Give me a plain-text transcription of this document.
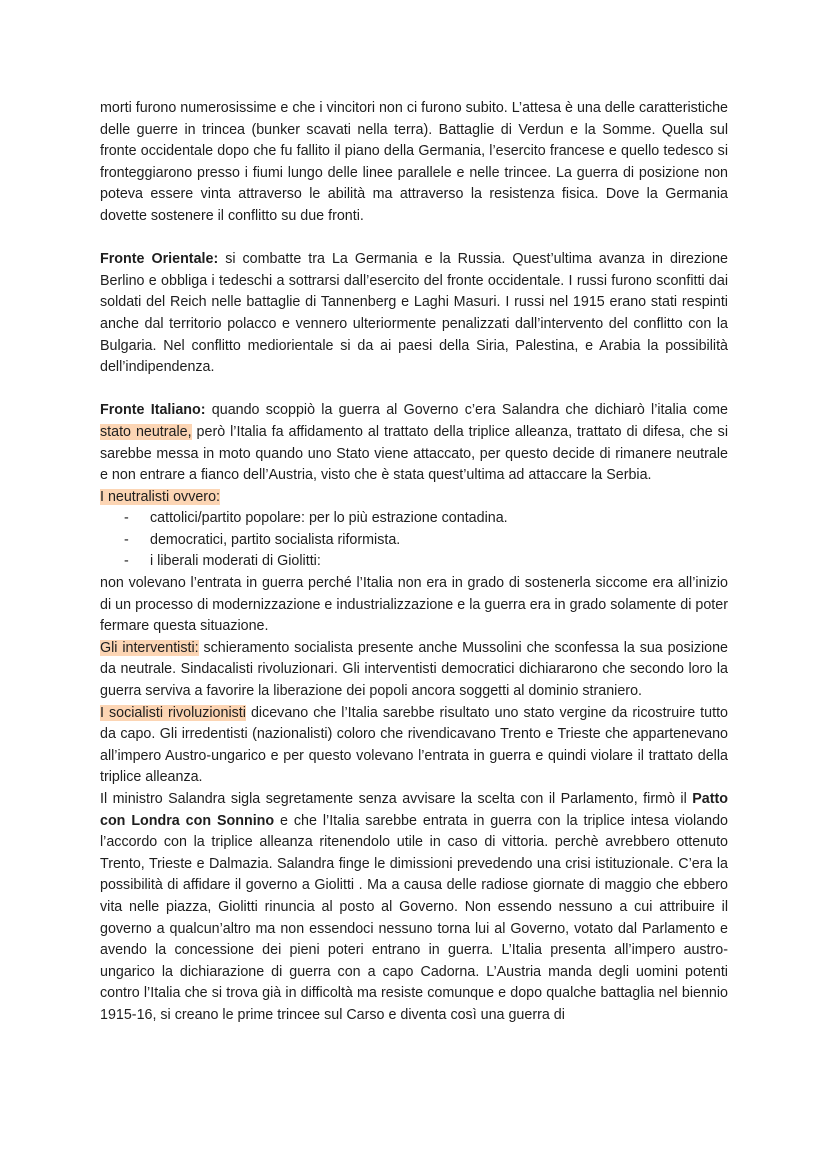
morti furono numerosissime e che i vincitori non ci furono subito. L’attesa è una delle caratteristiche delle guerre in trincea (bunker scavati nella terra). Battaglie di Verdun e la Somme. Quella sul fronte occidentale dopo che fu fallito il piano della Germania, l’esercito francese e quello tedesco si fronteggiarono presso i fiumi lungo delle linee parallele e nelle trincee. La guerra di posizione non poteva essere vinta attraverso le abilità ma attraverso la resistenza fisica. Dove la Germania dovette sostenere il conflitto su due fronti.

Fronte Orientale: si combatte tra La Germania e la Russia. Quest’ultima avanza in direzione Berlino e obbliga i tedeschi a sottrarsi dall’esercito del fronte occidentale. I russi furono sconfitti dai soldati del Reich nelle battaglie di Tannenberg e Laghi Masuri. I russi nel 1915 erano stati respinti anche dal territorio polacco e vennero ulteriormente penalizzati dall’intervento del conflitto con la Bulgaria. Nel conflitto mediorientale si da ai paesi della Siria, Palestina, e Arabia la possibilità dell’indipendenza.

Fronte Italiano: quando scoppiò la guerra al Governo c’era Salandra che dichiarò l’italia come stato neutrale, però l’Italia fa affidamento al trattato della triplice alleanza, trattato di difesa, che si sarebbe messa in moto quando uno Stato viene attaccato, per questo decide di rimanere neutrale e non entrare a fianco dell’Austria, visto che è stata quest’ultima ad attaccare la Serbia.

I neutralisti ovvero:

- cattolici/partito popolare: per lo più estrazione contadina.
- democratici, partito socialista riformista.
- i liberali moderati di Giolitti:

non volevano l’entrata in guerra perché l’Italia non era in grado di sostenerla siccome era all’inizio di un processo di modernizzazione e industrializzazione e la guerra era in grado solamente di poter fermare questa situazione.

Gli interventisti: schieramento socialista presente anche Mussolini che sconfessa la sua posizione da neutrale. Sindacalisti rivoluzionari. Gli interventisti democratici dichiararono che secondo loro la guerra serviva a favorire la liberazione dei popoli ancora soggetti al dominio straniero.

I socialisti rivoluzionisti dicevano che l’Italia sarebbe risultato uno stato vergine da ricostruire tutto da capo. Gli irredentisti (nazionalisti) coloro che rivendicavano Trento e Trieste che appartenevano all’impero Austro-ungarico e per questo volevano l’entrata in guerra e quindi violare il trattato della triplice alleanza.

Il ministro Salandra sigla segretamente senza avvisare la scelta con il Parlamento, firmò il Patto con Londra con Sonnino e che l’Italia sarebbe entrata in guerra con la triplice intesa violando l’accordo con la triplice alleanza ritenendolo utile in caso di vittoria. perchè avrebbero ottenuto Trento, Trieste e Dalmazia. Salandra finge le dimissioni prevedendo una crisi istituzionale. C’era la possibilità di affidare il governo a Giolitti . Ma a causa delle radiose giornate di maggio che ebbero vita nelle piazza, Giolitti rinuncia al posto al Governo. Non essendo nessuno a cui attribuire il governo a qualcun’altro ma non essendoci nessuno torna lui al Governo, votato dal Parlamento e avendo la concessione dei pieni poteri entrano in guerra. L’Italia presenta all’impero austro-ungarico la dichiarazione di guerra con a capo Cadorna. L’Austria manda degli uomini potenti contro l’Italia che si trova già in difficoltà ma resiste comunque e dopo qualche battaglia nel biennio 1915-16, si creano le prime trincee sul Carso e diventa così una guerra di
